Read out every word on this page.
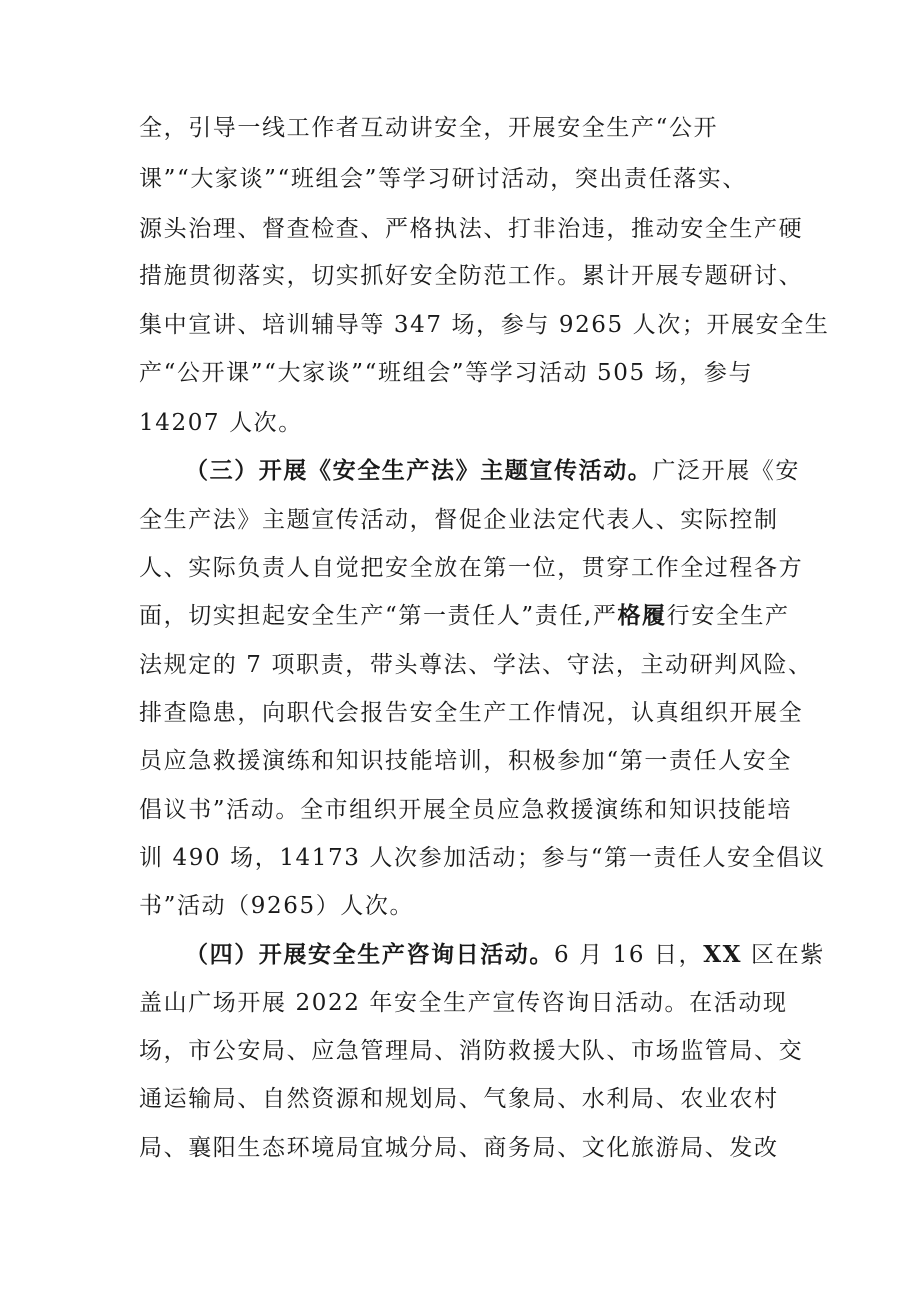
全，引导一线工作者互动讲安全，开展安全生产“公开
课”“大家谈”“班组会”等学习研讨活动，突出责任落实、
源头治理、督查检查、严格执法、打非治违，推动安全生产硬
措施贯彻落实，切实抓好安全防范工作。累计开展专题研讨、
集中宣讲、培训辅导等 347 场，参与 9265 人次；开展安全生
产“公开课”“大家谈”“班组会”等学习活动 505 场，参与
14207 人次。
（三）开展《安全生产法》主题宣传活动。广泛开展《安
全生产法》主题宣传活动，督促企业法定代表人、实际控制
人、实际负责人自觉把安全放在第一位，贯穿工作全过程各方
面，切实担起安全生产“第一责任人”责任,严格履行安全生产
法规定的 7 项职责，带头尊法、学法、守法，主动研判风险、
排查隐患，向职代会报告安全生产工作情况，认真组织开展全
员应急救援演练和知识技能培训，积极参加“第一责任人安全
倡议书”活动。全市组织开展全员应急救援演练和知识技能培
训 490 场，14173 人次参加活动；参与“第一责任人安全倡议
书”活动（9265）人次。
（四）开展安全生产咨询日活动。6 月 16 日，XX 区在紫
盖山广场开展 2022 年安全生产宣传咨询日活动。在活动现
场，市公安局、应急管理局、消防救援大队、市场监管局、交
通运输局、自然资源和规划局、气象局、水利局、农业农村
局、襄阳生态环境局宜城分局、商务局、文化旅游局、发改
